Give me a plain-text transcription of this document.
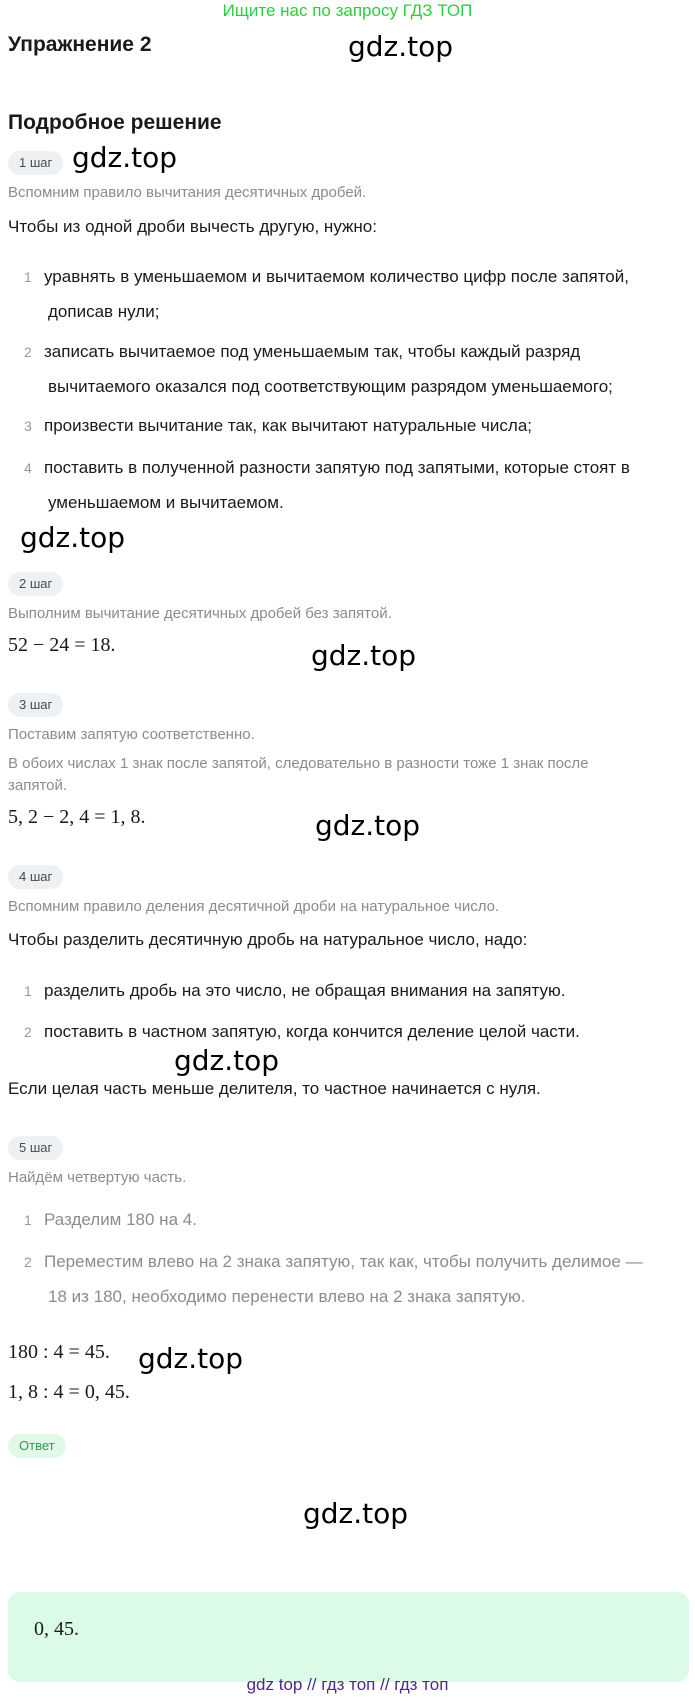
Ищите нас по запросу ГДЗ ТОП
Упражнение 2	gdz.top
Подробное решение
1 шаг gdz.top
Вспомним правило вычитания десятичных дробей.
Чтобы из одной дроби вычесть другую, нужно:
1 уравнять в уменьшаемом и вычитаемом количество цифр после запятой,
дописав нули;
2 записать вычитаемое под уменьшаемым так, чтобы каждый разряд
вычитаемого оказался под соответствующим разрядом уменьшаемого;
3 произвести вычитание так, как вычитают натуральные числа;
4 поставить в полученной разности запятую под запятыми, которые стоят в
уменьшаемом и вычитаемом.
gdz.top
2 шаг
Выполним вычитание десятичных дробей без запятой.
52 − 24 = 18.	gdz.top
3 шаг
Поставим запятую соответственно.
В обоих числах 1 знак после запятой, следовательно в разности тоже 1 знак после
запятой.
5, 2 − 2, 4 = 1, 8.	gdz.top
4 шаг
Вспомним правило деления десятичной дроби на натуральное число.
Чтобы разделить десятичную дробь на натуральное число, надо:
1 разделить дробь на это число, не обращая внимания на запятую.
2 поставить в частном запятую, когда кончится деление целой части.
gdz.top
Если целая часть меньше делителя, то частное начинается с нуля.
5 шаг
Найдём четвертую часть.
1 Разделим 180 на 4.
2 Переместим влево на 2 знака запятую, так как, чтобы получить делимое —
18 из 180, необходимо перенести влево на 2 знака запятую.
180 : 4 = 45. gdz.top
1, 8 : 4 = 0, 45.
Ответ
0, 45.
gdz.top
gdz top // гдз топ // гдз топ
